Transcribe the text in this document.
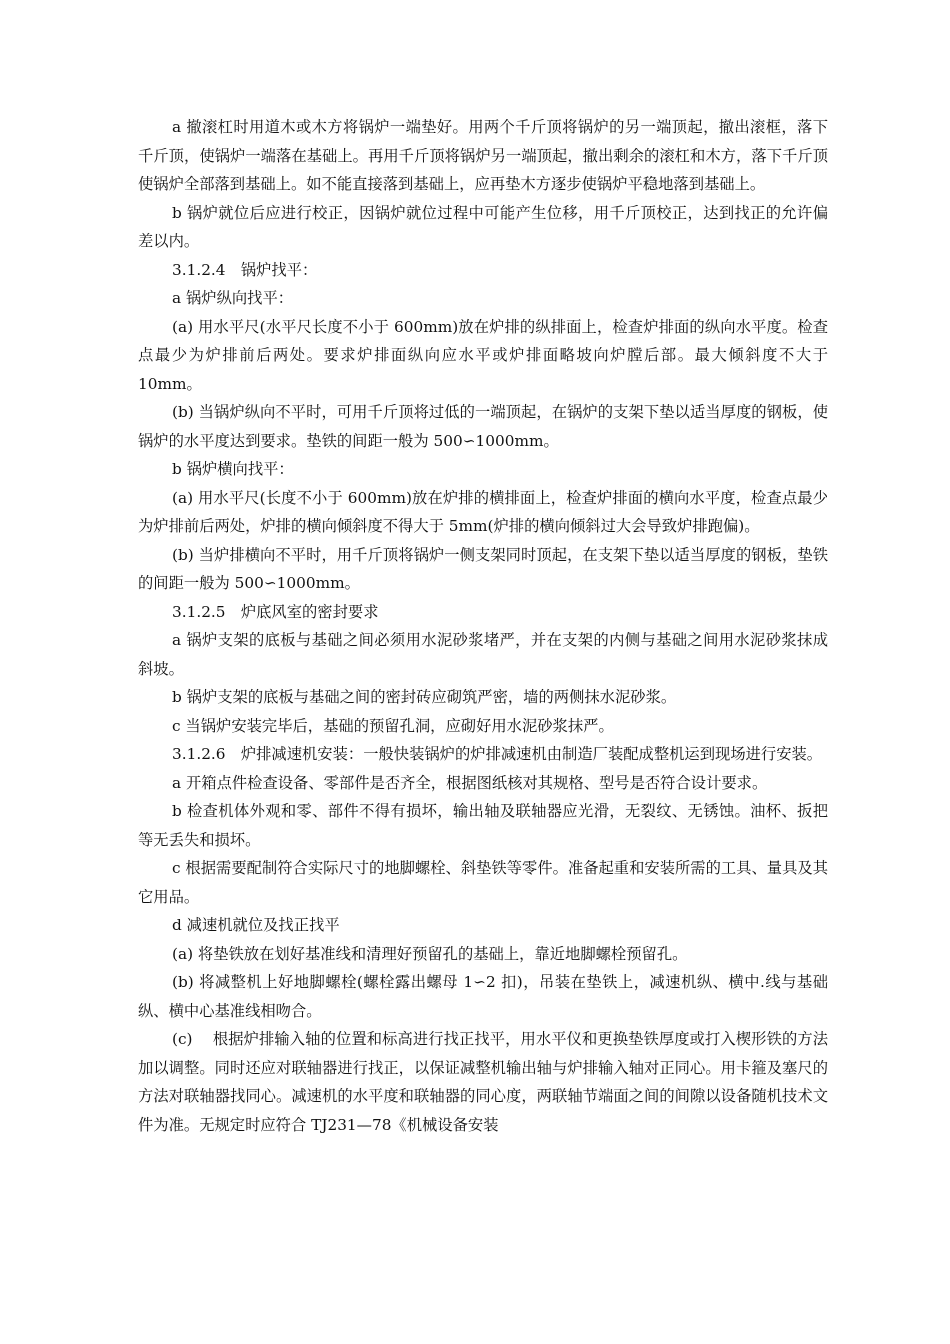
a 撤滚杠时用道木或木方将锅炉一端垫好。用两个千斤顶将锅炉的另一端顶起，撤出滚框，落下千斤顶，使锅炉一端落在基础上。再用千斤顶将锅炉另一端顶起，撤出剩余的滚杠和木方，落下千斤顶使锅炉全部落到基础上。如不能直接落到基础上，应再垫木方逐步使锅炉平稳地落到基础上。

b 锅炉就位后应进行校正，因锅炉就位过程中可能产生位移，用千斤顶校正，达到找正的允许偏差以内。

3.1.2.4　锅炉找平：

a 锅炉纵向找平：

(a) 用水平尺(水平尺长度不小于 600mm)放在炉排的纵排面上，检查炉排面的纵向水平度。检查点最少为炉排前后两处。要求炉排面纵向应水平或炉排面略坡向炉膛后部。最大倾斜度不大于 10mm。

(b) 当锅炉纵向不平时，可用千斤顶将过低的一端顶起，在锅炉的支架下垫以适当厚度的钢板，使锅炉的水平度达到要求。垫铁的间距一般为 500∽1000mm。

b 锅炉横向找平：

(a) 用水平尺(长度不小于 600mm)放在炉排的横排面上，检查炉排面的横向水平度，检查点最少为炉排前后两处，炉排的横向倾斜度不得大于 5mm(炉排的横向倾斜过大会导致炉排跑偏)。

(b) 当炉排横向不平时，用千斤顶将锅炉一侧支架同时顶起，在支架下垫以适当厚度的钢板，垫铁的间距一般为 500∽1000mm。

3.1.2.5　炉底风室的密封要求

a 锅炉支架的底板与基础之间必须用水泥砂浆堵严，并在支架的内侧与基础之间用水泥砂浆抹成斜坡。

b 锅炉支架的底板与基础之间的密封砖应砌筑严密，墙的两侧抹水泥砂浆。

c 当锅炉安装完毕后，基础的预留孔洞，应砌好用水泥砂浆抹严。

3.1.2.6　炉排减速机安装：一般快装锅炉的炉排减速机由制造厂装配成整机运到现场进行安装。

a 开箱点件检查设备、零部件是否齐全，根据图纸核对其规格、型号是否符合设计要求。

b 检查机体外观和零、部件不得有损坏，输出轴及联轴器应光滑，无裂纹、无锈蚀。油杯、扳把等无丢失和损坏。

c 根据需要配制符合实际尺寸的地脚螺栓、斜垫铁等零件。准备起重和安装所需的工具、量具及其它用品。

d 减速机就位及找正找平

(a) 将垫铁放在划好基准线和清理好预留孔的基础上，靠近地脚螺栓预留孔。

(b) 将减整机上好地脚螺栓(螺栓露出螺母 1∽2 扣)，吊装在垫铁上，减速机纵、横中.线与基础纵、横中心基准线相吻合。

(c)　 根据炉排输入轴的位置和标高进行找正找平，用水平仪和更换垫铁厚度或打入楔形铁的方法加以调整。同时还应对联轴器进行找正，以保证减整机输出轴与炉排输入轴对正同心。用卡箍及塞尺的方法对联轴器找同心。减速机的水平度和联轴器的同心度，两联轴节端面之间的间隙以设备随机技术文件为准。无规定时应符合 TJ231—78《机械设备安装
